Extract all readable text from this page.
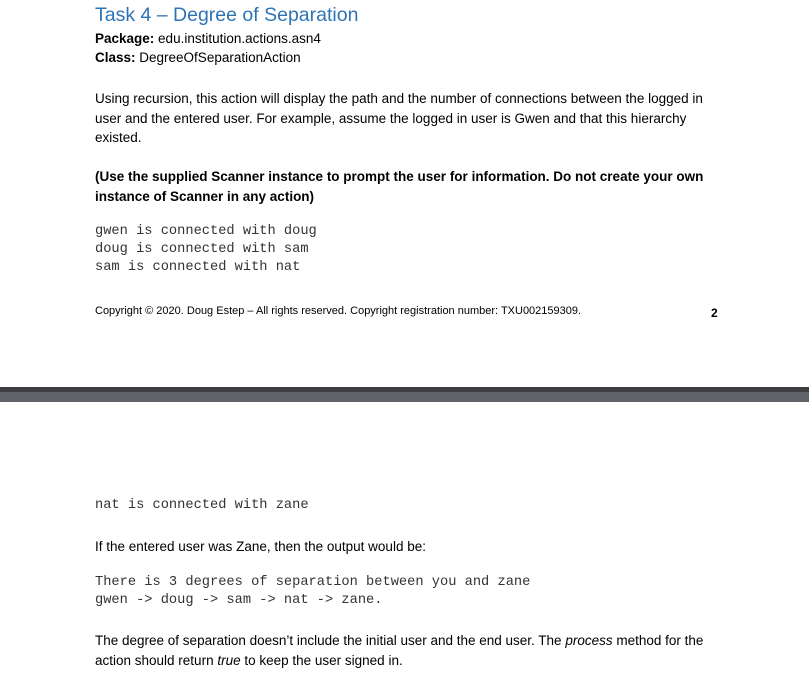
Task 4 – Degree of Separation
Package: edu.institution.actions.asn4
Class: DegreeOfSeparationAction
Using recursion, this action will display the path and the number of connections between the logged in user and the entered user. For example, assume the logged in user is Gwen and that this hierarchy existed.
(Use the supplied Scanner instance to prompt the user for information. Do not create your own instance of Scanner in any action)
gwen is connected with doug
doug is connected with sam
sam is connected with nat
Copyright © 2020. Doug Estep – All rights reserved. Copyright registration number: TXU002159309.	2
nat is connected with zane
If the entered user was Zane, then the output would be:
There is 3 degrees of separation between you and zane
gwen -> doug -> sam -> nat -> zane.
The degree of separation doesn’t include the initial user and the end user. The process method for the action should return true to keep the user signed in.
